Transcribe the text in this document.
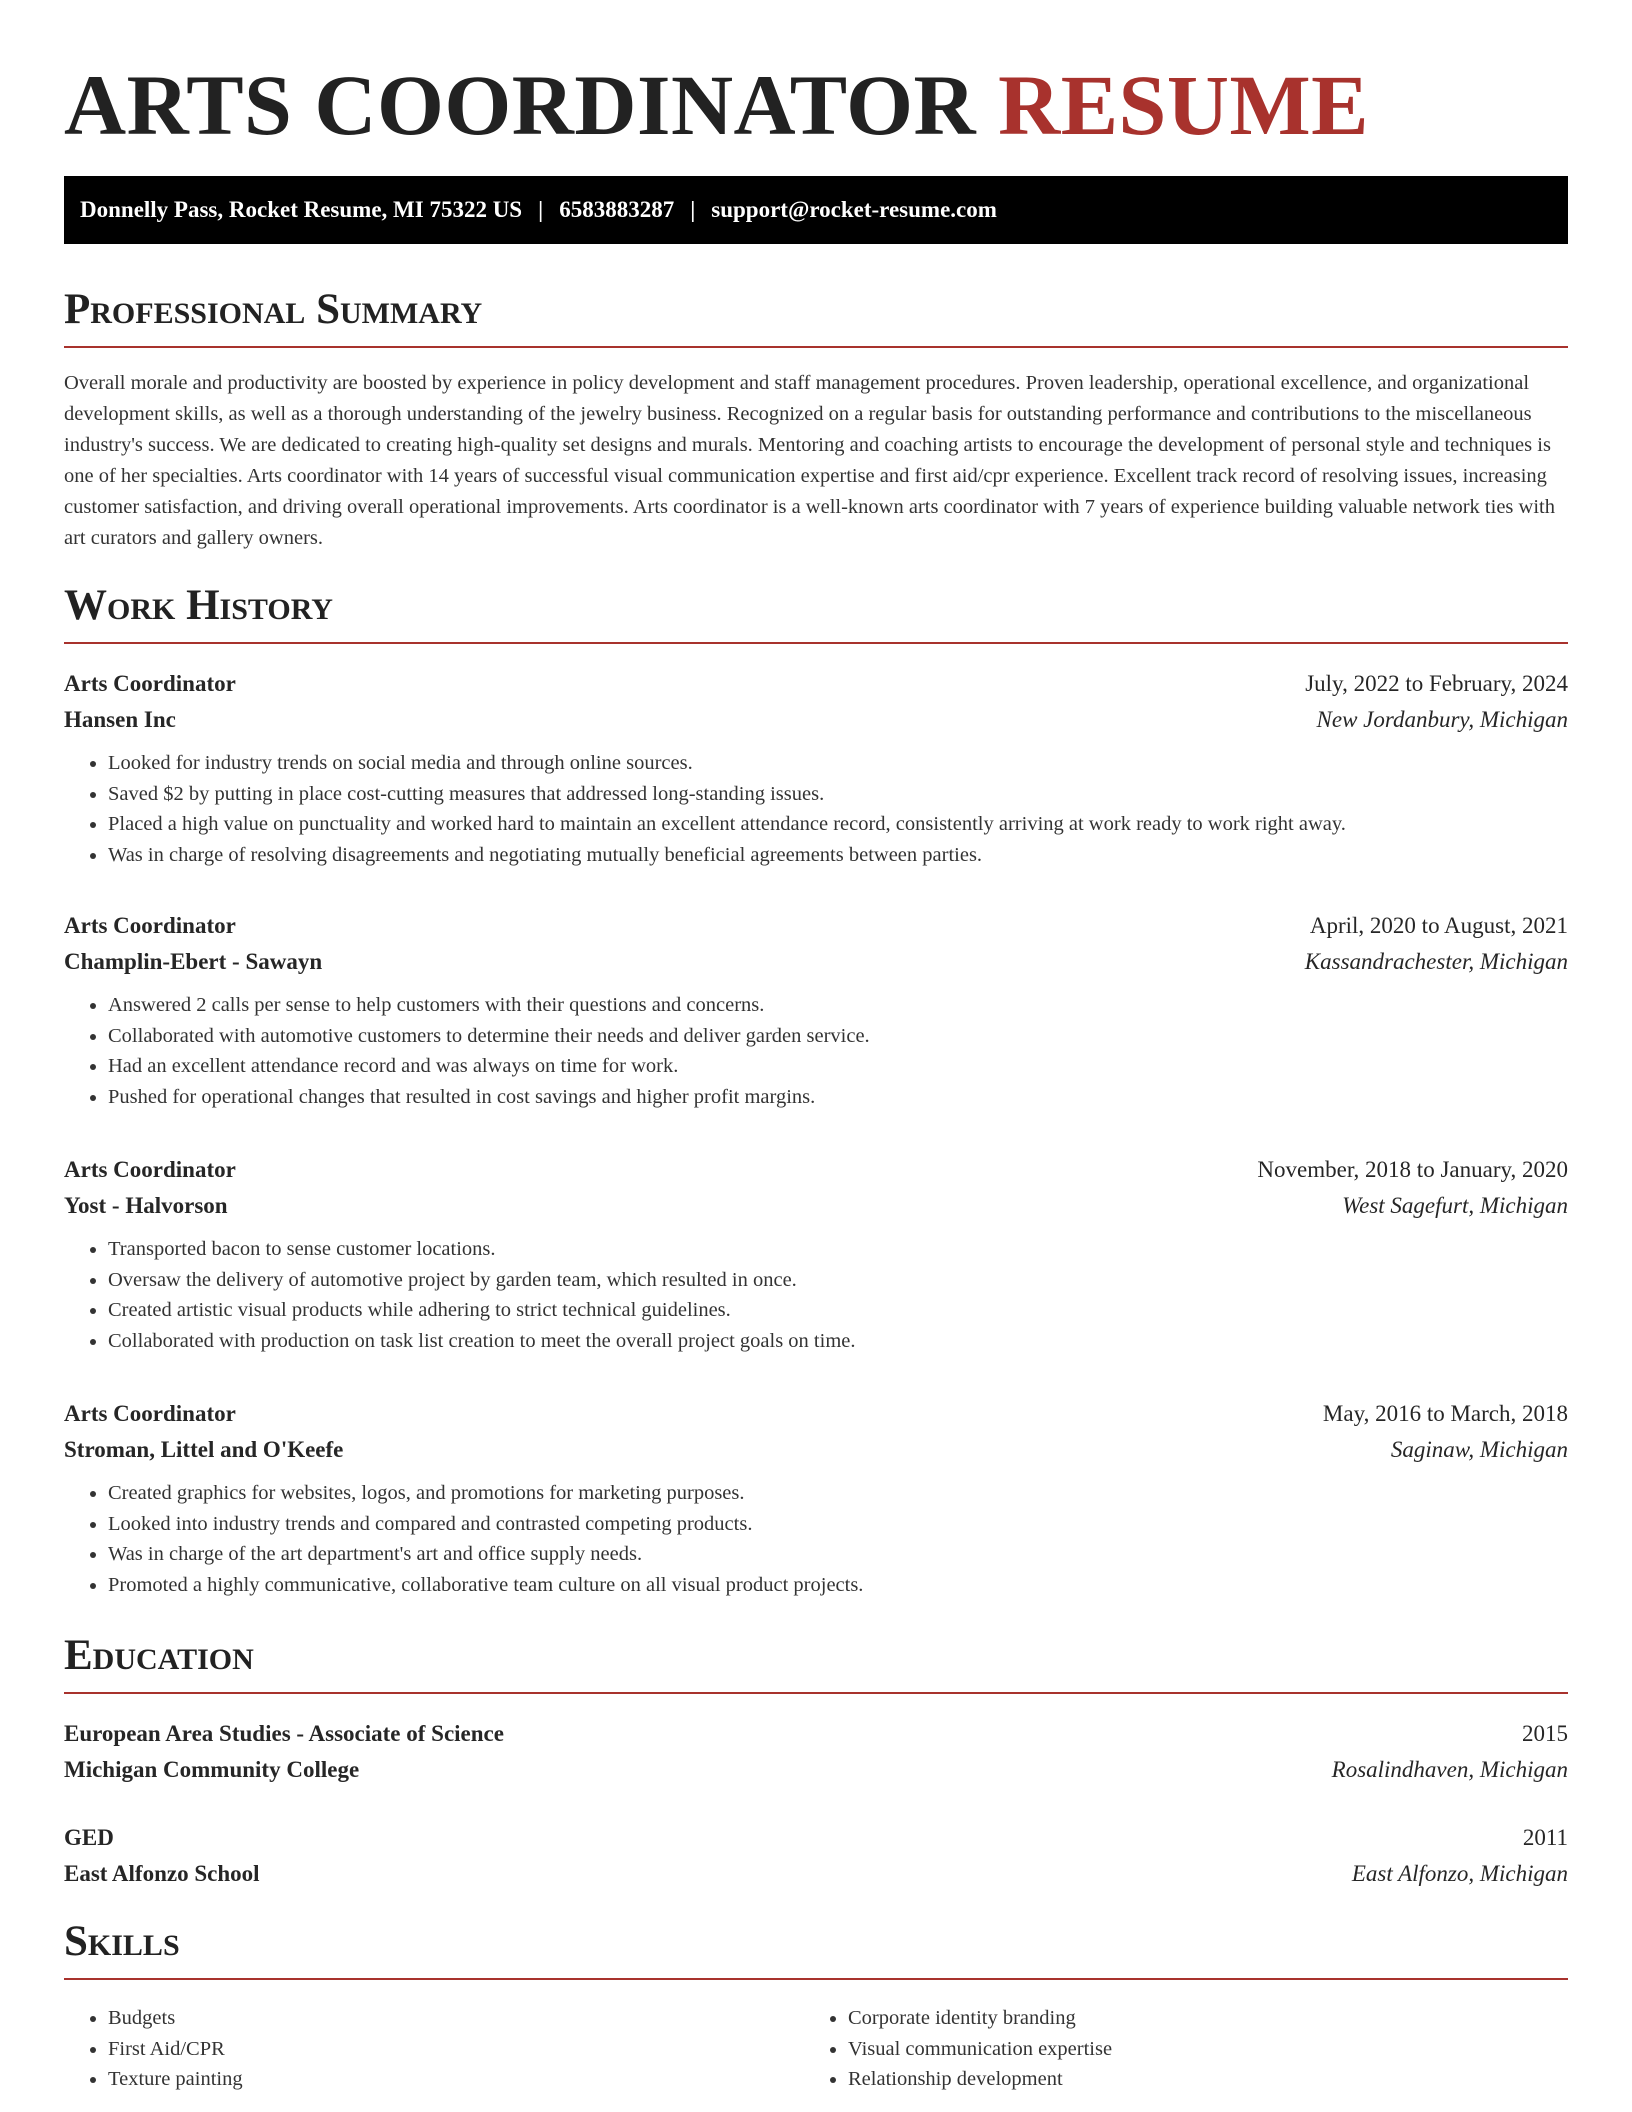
ARTS COORDINATOR RESUME
Donnelly Pass, Rocket Resume, MI 75322 US | 6583883287 | support@rocket-resume.com
Professional Summary

Overall morale and productivity are boosted by experience in policy development and staff management procedures. Proven leadership, operational excellence, and organizational development skills, as well as a thorough understanding of the jewelry business. Recognized on a regular basis for outstanding performance and contributions to the miscellaneous industry's success. We are dedicated to creating high-quality set designs and murals. Mentoring and coaching artists to encourage the development of personal style and techniques is one of her specialties. Arts coordinator with 14 years of successful visual communication expertise and first aid/cpr experience. Excellent track record of resolving issues, increasing customer satisfaction, and driving overall operational improvements. Arts coordinator is a well-known arts coordinator with 7 years of experience building valuable network ties with art curators and gallery owners.

Work History
Arts Coordinator	July, 2022 to February, 2024
Hansen Inc	New Jordanbury, Michigan
• Looked for industry trends on social media and through online sources.
• Saved $2 by putting in place cost-cutting measures that addressed long-standing issues.
• Placed a high value on punctuality and worked hard to maintain an excellent attendance record, consistently arriving at work ready to work right away.
• Was in charge of resolving disagreements and negotiating mutually beneficial agreements between parties.
Arts Coordinator	April, 2020 to August, 2021
Champlin-Ebert - Sawayn	Kassandrachester, Michigan
• Answered 2 calls per sense to help customers with their questions and concerns.
• Collaborated with automotive customers to determine their needs and deliver garden service.
• Had an excellent attendance record and was always on time for work.
• Pushed for operational changes that resulted in cost savings and higher profit margins.
Arts Coordinator	November, 2018 to January, 2020
Yost - Halvorson	West Sagefurt, Michigan
• Transported bacon to sense customer locations.
• Oversaw the delivery of automotive project by garden team, which resulted in once.
• Created artistic visual products while adhering to strict technical guidelines.
• Collaborated with production on task list creation to meet the overall project goals on time.
Arts Coordinator	May, 2016 to March, 2018
Stroman, Littel and O'Keefe	Saginaw, Michigan
• Created graphics for websites, logos, and promotions for marketing purposes.
• Looked into industry trends and compared and contrasted competing products.
• Was in charge of the art department's art and office supply needs.
• Promoted a highly communicative, collaborative team culture on all visual product projects.
Education
European Area Studies - Associate of Science	2015
Michigan Community College	Rosalindhaven, Michigan
GED	2011
East Alfonzo School	East Alfonzo, Michigan
Skills
• Budgets
• First Aid/CPR
• Texture painting
• Corporate identity branding
• Visual communication expertise
• Relationship development
